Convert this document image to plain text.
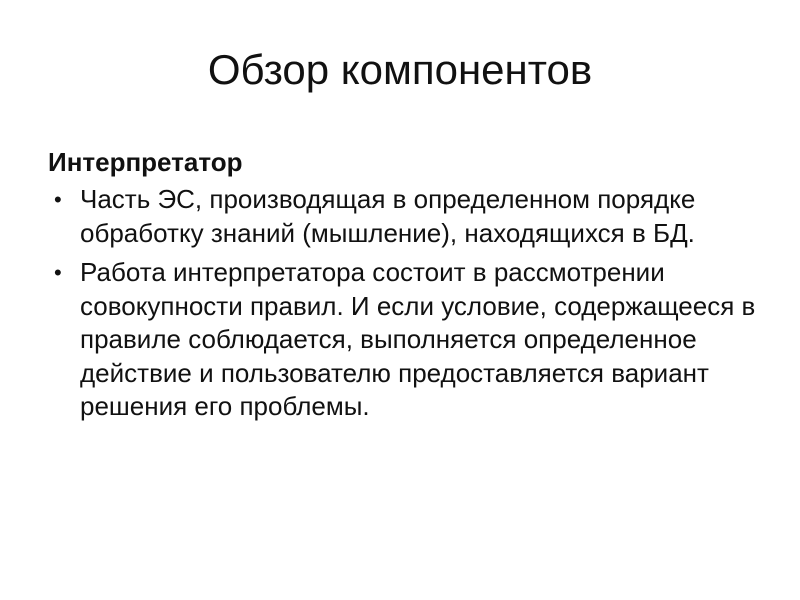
Обзор компонентов
Интерпретатор
• Часть ЭС, производящая в определенном порядке обработку знаний (мышление), находящихся в БД.
• Работа интерпретатора состоит в рассмотрении совокупности правил. И если условие, содержащееся в правиле соблюдается, выполняется определенное действие и пользователю предоставляется вариант решения его проблемы.
